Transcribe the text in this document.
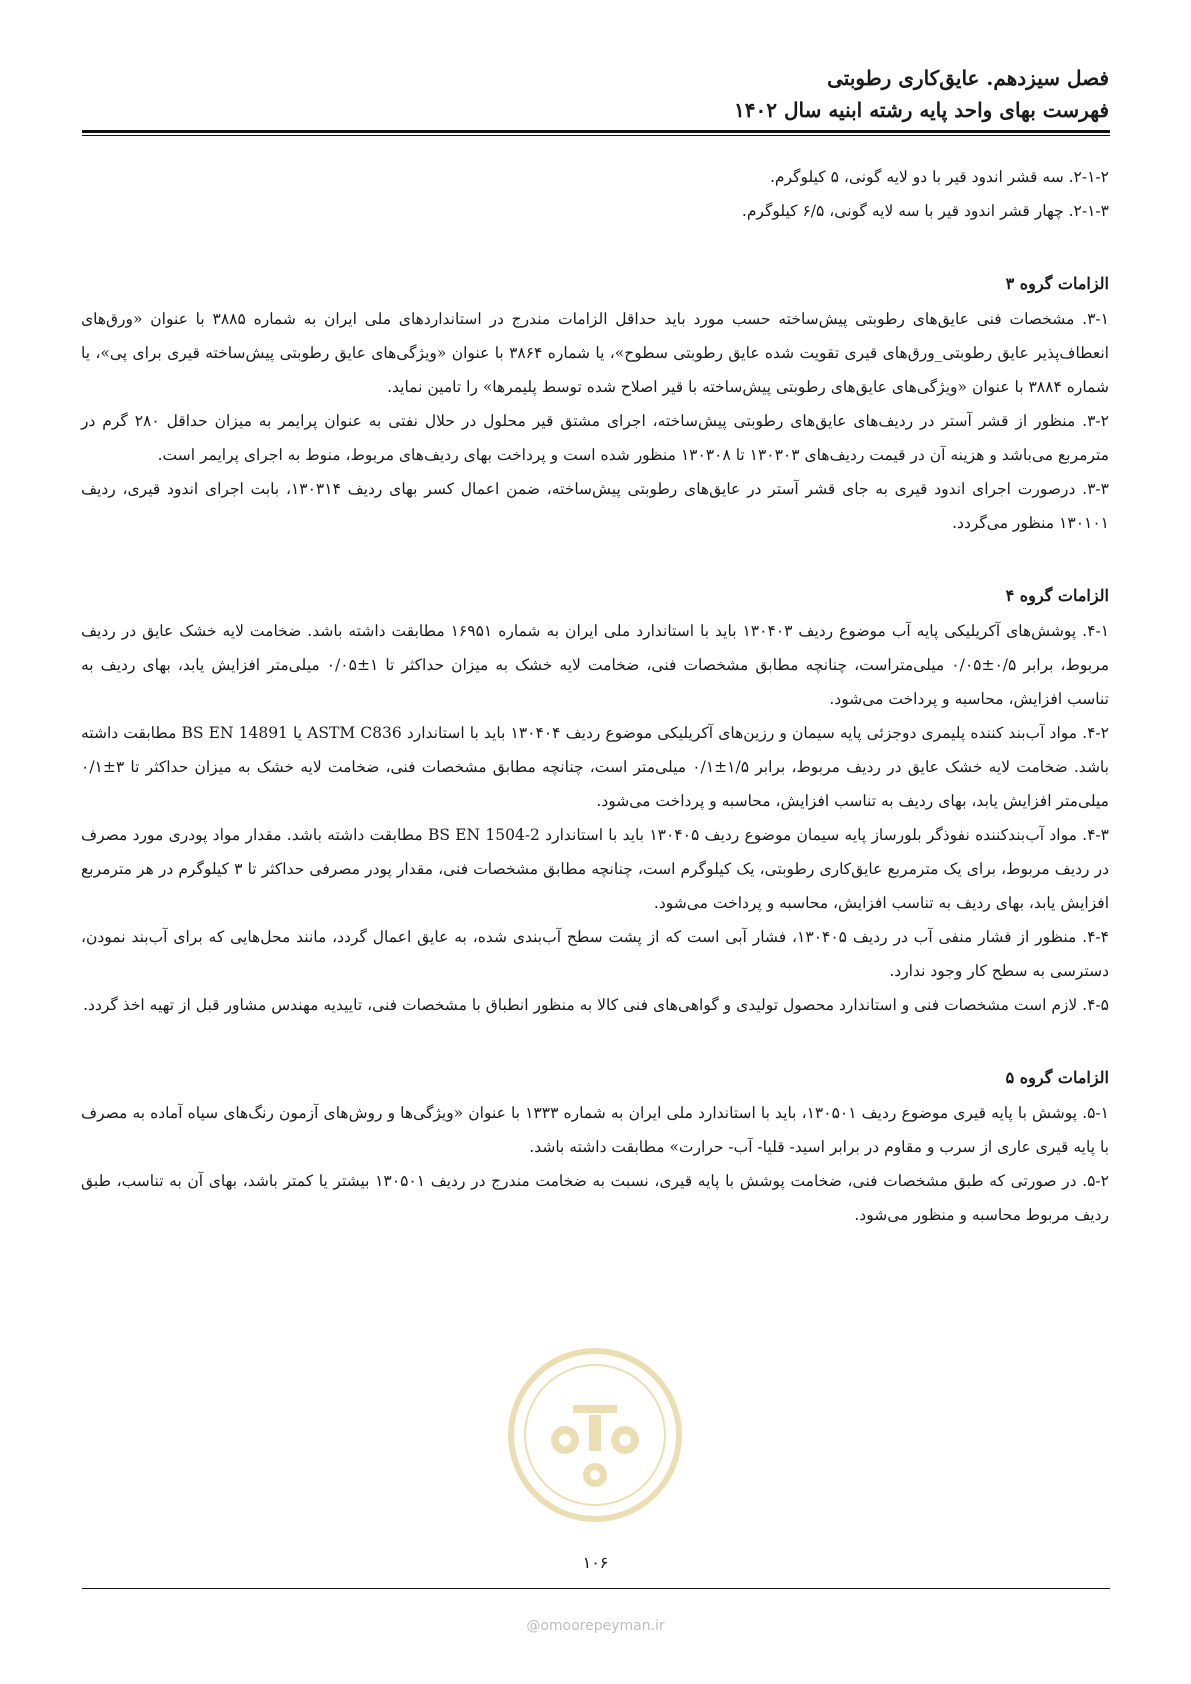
فصل سیزدهم. عایق‌کاری رطوبتی
فهرست بهای واحد پایه رشته ابنیه سال ۱۴۰۲

۲-۱-۲. سه قشر اندود قیر با دو لایه گونی، ۵ کیلوگرم.

۲-۱-۳. چهار قشر اندود قیر با سه لایه گونی، ۶/۵ کیلوگرم.

الزامات گروه ۳

۳-۱. مشخصات فنی عایق‌های رطوبتی پیش‌ساخته حسب مورد باید حداقل الزامات مندرج در استانداردهای ملی ایران به شماره ۳۸۸۵ با عنوان «ورق‌های انعطاف‌پذیر عایق رطوبتی_ورق‌های قیری تقویت شده عایق رطوبتی سطوح»، یا شماره ۳۸۶۴ با عنوان «ویژگی‌های عایق رطوبتی پیش‌ساخته قیری برای پی»، یا شماره ۳۸۸۴ با عنوان «ویژگی‌های عایق‌های رطوبتی پیش‌ساخته با قیر اصلاح شده توسط پلیمرها» را تامین نماید.

۳-۲. منظور از قشر آستر در ردیف‌های عایق‌های رطوبتی پیش‌ساخته، اجرای مشتق قیر محلول در حلال نفتی به عنوان پرایمر به میزان حداقل ۲۸۰ گرم در مترمربع می‌باشد و هزینه آن در قیمت ردیف‌های ۱۳۰۳۰۳ تا ۱۳۰۳۰۸ منظور شده است و پرداخت بهای ردیف‌های مربوط، منوط به اجرای پرایمر است.

۳-۳. درصورت اجرای اندود قیری به جای قشر آستر در عایق‌های رطوبتی پیش‌ساخته، ضمن اعمال کسر بهای ردیف ۱۳۰۳۱۴، بابت اجرای اندود قیری، ردیف ۱۳۰۱۰۱ منظور می‌گردد.

الزامات گروه ۴

۴-۱. پوشش‌های آکریلیکی پایه آب موضوع ردیف ۱۳۰۴۰۳ باید با استاندارد ملی ایران به شماره ۱۶۹۵۱ مطابقت داشته باشد. ضخامت لایه خشک عایق در ردیف مربوط، برابر ۰/۵±۰/۰۵ میلی‌متراست، چنانچه مطابق مشخصات فنی، ضخامت لایه خشک به میزان حداکثر تا ۱±۰/۰۵ میلی‌متر افزایش یابد، بهای ردیف به تناسب افزایش، محاسبه و پرداخت می‌شود.

۴-۲. مواد آب‌بند کننده پلیمری دوجزئی پایه سیمان و رزین‌های آکریلیکی موضوع ردیف ۱۳۰۴۰۴ باید با استاندارد ASTM C836 یا BS EN 14891 مطابقت داشته باشد. ضخامت لایه خشک عایق در ردیف مربوط، برابر ۱/۵±۰/۱ میلی‌متر است، چنانچه مطابق مشخصات فنی، ضخامت لایه خشک به میزان حداکثر تا ۳±۰/۱ میلی‌متر افزایش یابد، بهای ردیف به تناسب افزایش، محاسبه و پرداخت می‌شود.

۴-۳. مواد آب‌بندکننده نفوذگر بلورساز پایه سیمان موضوع ردیف ۱۳۰۴۰۵ باید با استاندارد BS EN 1504-2 مطابقت داشته باشد. مقدار مواد پودری مورد مصرف در ردیف مربوط، برای یک مترمربع عایق‌کاری رطوبتی، یک کیلوگرم است، چنانچه مطابق مشخصات فنی، مقدار پودر مصرفی حداکثر تا ۳ کیلوگرم در هر مترمربع افزایش یابد، بهای ردیف به تناسب افزایش، محاسبه و پرداخت می‌شود.

۴-۴. منظور از فشار منفی آب در ردیف ۱۳۰۴۰۵، فشار آبی است که از پشت سطح آب‌بندی شده، به عایق اعمال گردد، مانند محل‌هایی که برای آب‌بند نمودن، دسترسی به سطح کار وجود ندارد.

۴-۵. لازم است مشخصات فنی و استاندارد محصول تولیدی و گواهی‌های فنی کالا به منظور انطباق با مشخصات فنی، تاییدیه مهندس مشاور قبل از تهیه اخذ گردد.

الزامات گروه ۵

۵-۱. پوشش با پایه قیری موضوع ردیف ۱۳۰۵۰۱، باید با استاندارد ملی ایران به شماره ۱۳۳۳ با عنوان «ویژگی‌ها و روش‌های آزمون رنگ‌های سیاه آماده به مصرف با پایه قیری عاری از سرب و مقاوم در برابر اسید- قلیا- آب- حرارت» مطابقت داشته باشد.

۵-۲. در صورتی که طبق مشخصات فنی، ضخامت پوشش با پایه قیری، نسبت به ضخامت مندرج در ردیف ۱۳۰۵۰۱ بیشتر یا کمتر باشد، بهای آن به تناسب، طبق ردیف مربوط محاسبه و منظور می‌شود.

۱۰۶
@omoorepeyman.ir
